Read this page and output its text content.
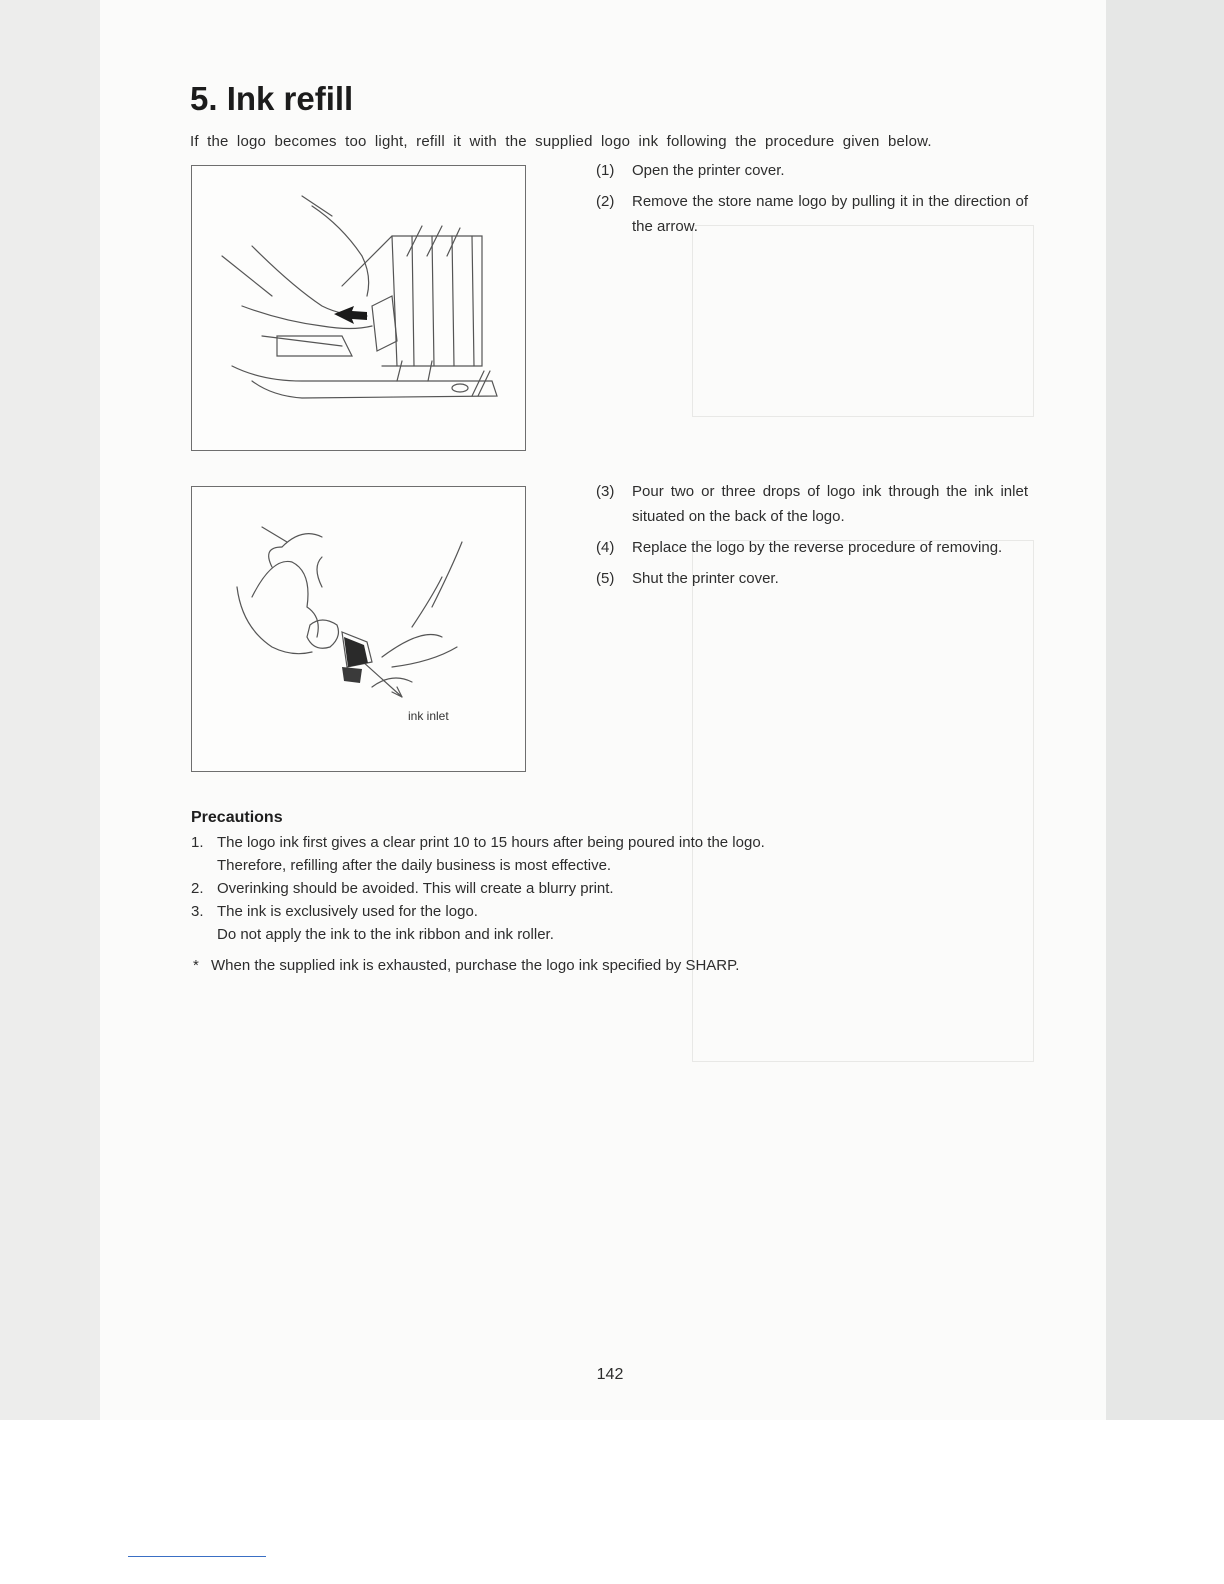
5. Ink refill

If the logo becomes too light, refill it with the supplied logo ink following the procedure given below.

(1) Open the printer cover.
(2) Remove the store name logo by pulling it in the direction of the arrow.
ink inlet
(3) Pour two or three drops of logo ink through the ink inlet situated on the back of the logo.
(4) Replace the logo by the reverse procedure of removing.
(5) Shut the printer cover.
Precautions
1. The logo ink first gives a clear print 10 to 15 hours after being poured into the logo.
Therefore, refilling after the daily business is most effective.
2. Overinking should be avoided. This will create a blurry print.
3. The ink is exclusively used for the logo.
Do not apply the ink to the ink ribbon and ink roller.
* When the supplied ink is exhausted, purchase the logo ink specified by SHARP.
142
